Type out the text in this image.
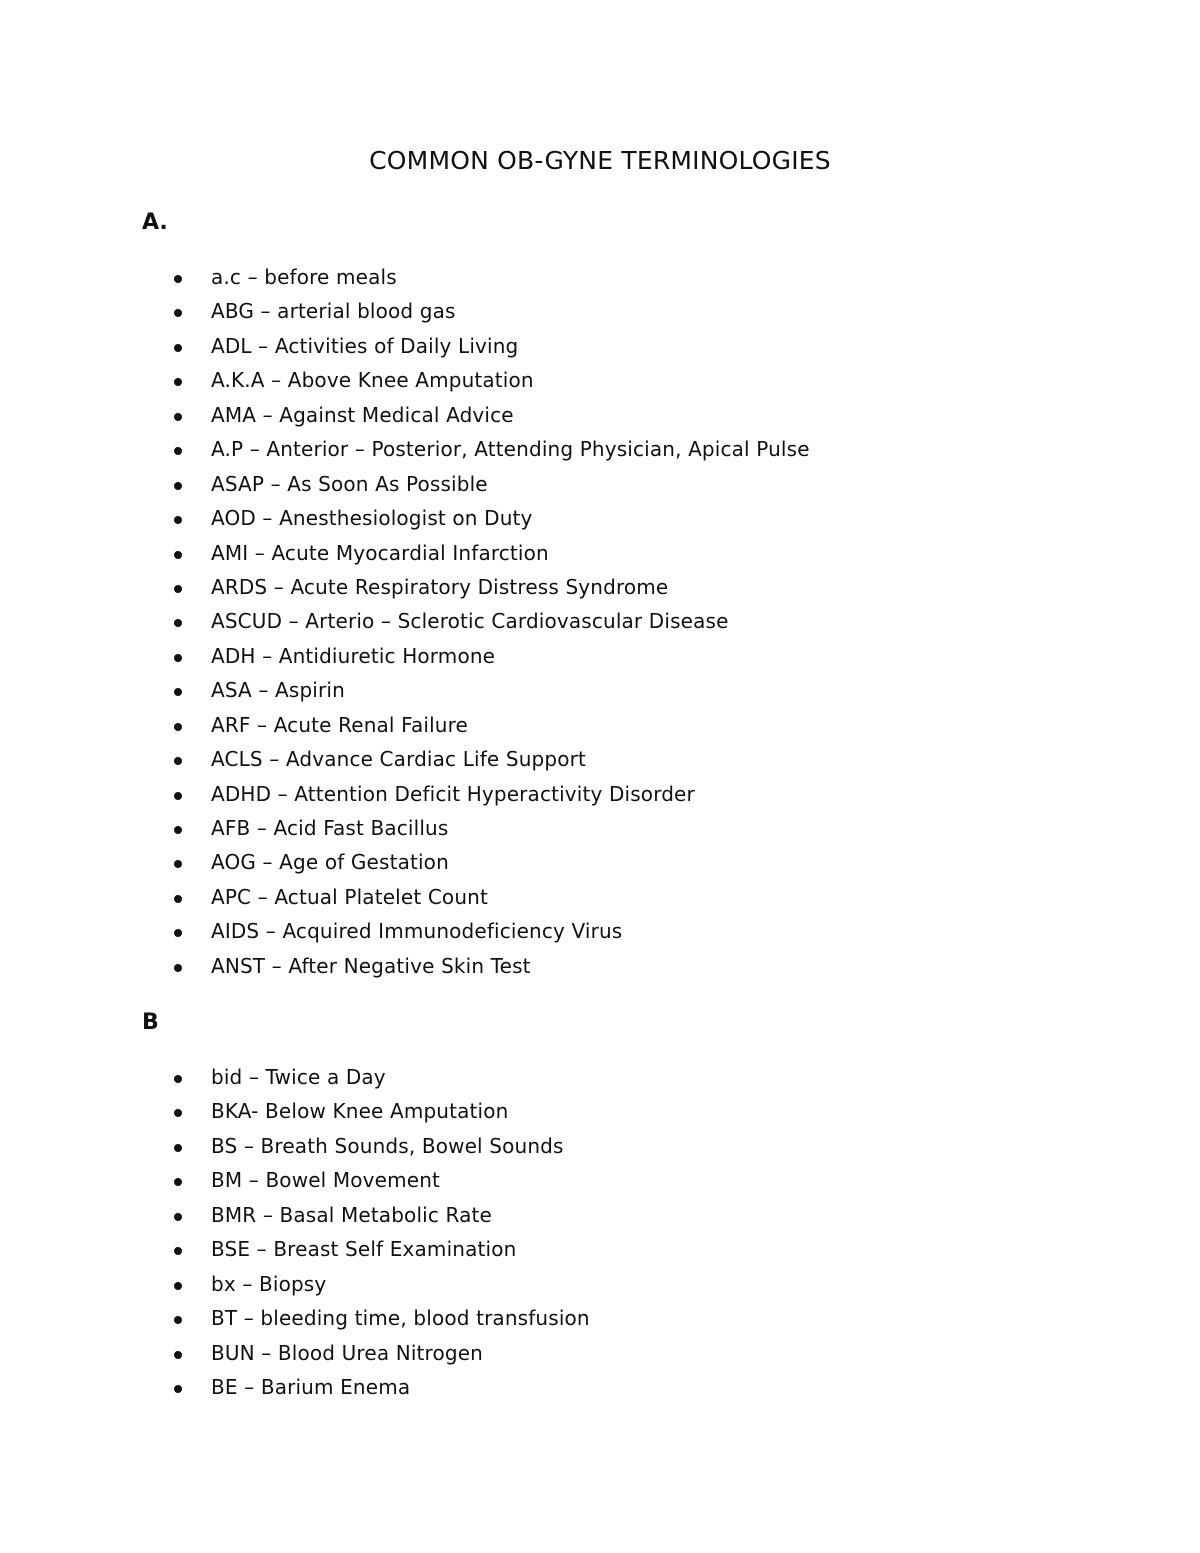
COMMON OB-GYNE TERMINOLOGIES
A.
a.c – before meals
ABG – arterial blood gas
ADL – Activities of Daily Living
A.K.A – Above Knee Amputation
AMA – Against Medical Advice
A.P – Anterior – Posterior, Attending Physician, Apical Pulse
ASAP – As Soon As Possible
AOD – Anesthesiologist on Duty
AMI – Acute Myocardial Infarction
ARDS – Acute Respiratory Distress Syndrome
ASCUD – Arterio – Sclerotic Cardiovascular Disease
ADH – Antidiuretic Hormone
ASA – Aspirin
ARF – Acute Renal Failure
ACLS – Advance Cardiac Life Support
ADHD – Attention Deficit Hyperactivity Disorder
AFB – Acid Fast Bacillus
AOG – Age of Gestation
APC – Actual Platelet Count
AIDS – Acquired Immunodeficiency Virus
ANST – After Negative Skin Test
B
bid – Twice a Day
BKA- Below Knee Amputation
BS – Breath Sounds, Bowel Sounds
BM – Bowel Movement
BMR – Basal Metabolic Rate
BSE – Breast Self Examination
bx – Biopsy
BT – bleeding time, blood transfusion
BUN – Blood Urea Nitrogen
BE – Barium Enema
